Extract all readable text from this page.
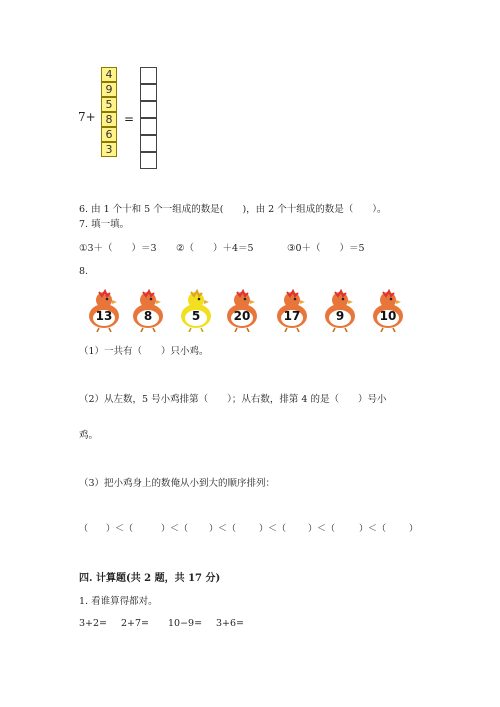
7+
4
9
5
8
6
3
=
6. 由 1 个十和 5 个一组成的数是(　　)，由 2 个十组成的数是（　　）。
7. 填一填。
①3＋（　　）＝3 ②（　　）＋4＝5	③0＋（　　）＝5
8.
13	8	5	20	17	9	10
（1）一共有（　　）只小鸡。
（2）从左数，5 号小鸡排第（　　）；从右数，排第 4 的是（　　）号小
鸡。
（3）把小鸡身上的数俺从小到大的顺序排列：
（　　）＜（ 　　）＜（ 　　）＜（ 　　）＜（ 　　）＜（ 　　）＜（ 　　）
四. 计算题(共 2 题，共 17 分)
1. 看谁算得都对。
3+2= 2+7= 10−9= 3+6=
